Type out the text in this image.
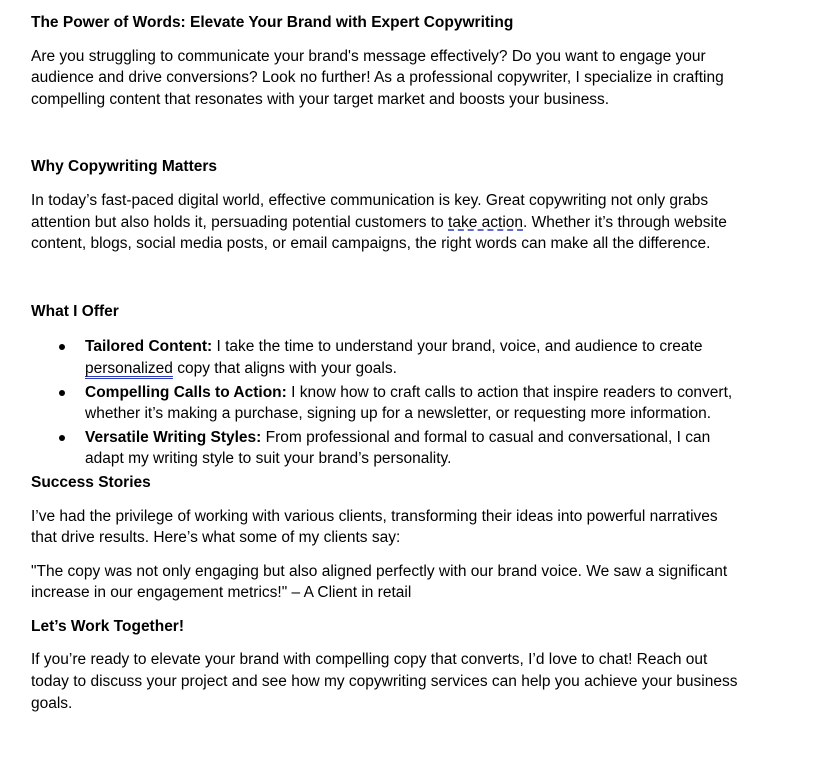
The Power of Words: Elevate Your Brand with Expert Copywriting

Are you struggling to communicate your brand's message effectively? Do you want to engage your audience and drive conversions? Look no further! As a professional copywriter, I specialize in crafting compelling content that resonates with your target market and boosts your business.

Why Copywriting Matters

In today’s fast-paced digital world, effective communication is key. Great copywriting not only grabs attention but also holds it, persuading potential customers to take action. Whether it’s through website content, blogs, social media posts, or email campaigns, the right words can make all the difference.

What I Offer
Tailored Content: I take the time to understand your brand, voice, and audience to create personalized copy that aligns with your goals.
Compelling Calls to Action: I know how to craft calls to action that inspire readers to convert, whether it’s making a purchase, signing up for a newsletter, or requesting more information.
Versatile Writing Styles: From professional and formal to casual and conversational, I can adapt my writing style to suit your brand’s personality.
Success Stories

I’ve had the privilege of working with various clients, transforming their ideas into powerful narratives that drive results. Here’s what some of my clients say:

"The copy was not only engaging but also aligned perfectly with our brand voice. We saw a significant increase in our engagement metrics!" – A Client in retail

Let’s Work Together!

If you’re ready to elevate your brand with compelling copy that converts, I’d love to chat! Reach out today to discuss your project and see how my copywriting services can help you achieve your business goals.
